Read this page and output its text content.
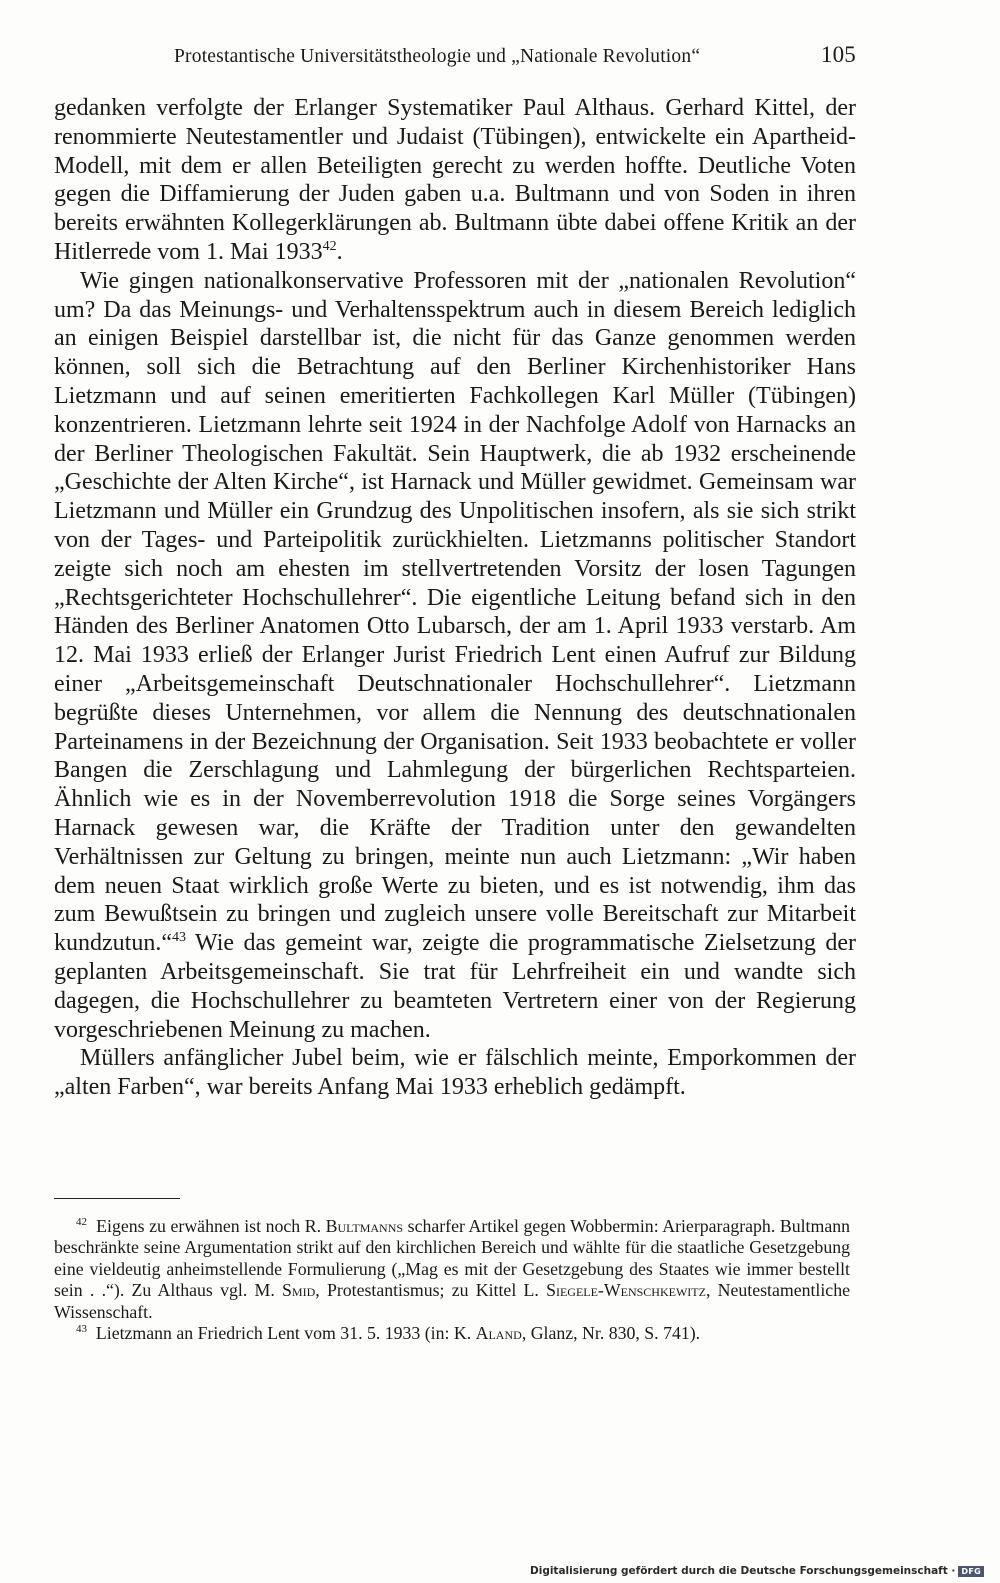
Protestantische Universitätstheologie und „Nationale Revolution“	105

gedanken verfolgte der Erlanger Systematiker Paul Althaus. Gerhard Kittel, der renommierte Neutestamentler und Judaist (Tübingen), entwickelte ein Apartheid-Modell, mit dem er allen Beteiligten gerecht zu werden hoffte. Deutliche Voten gegen die Diffamierung der Juden gaben u.a. Bultmann und von Soden in ihren bereits erwähnten Kollegerklärungen ab. Bultmann übte dabei offene Kritik an der Hitlerrede vom 1. Mai 1933$^{42}$.

Wie gingen nationalkonservative Professoren mit der „nationalen Revolution“ um? Da das Meinungs- und Verhaltensspektrum auch in diesem Bereich lediglich an einigen Beispiel darstellbar ist, die nicht für das Ganze genommen werden können, soll sich die Betrachtung auf den Berliner Kirchenhistoriker Hans Lietzmann und auf seinen emeritierten Fachkollegen Karl Müller (Tübingen) konzentrieren. Lietzmann lehrte seit 1924 in der Nachfolge Adolf von Harnacks an der Berliner Theologischen Fakultät. Sein Hauptwerk, die ab 1932 erscheinende „Geschichte der Alten Kirche“, ist Harnack und Müller gewidmet. Gemeinsam war Lietzmann und Müller ein Grundzug des Unpolitischen insofern, als sie sich strikt von der Tages- und Parteipolitik zurückhielten. Lietzmanns politischer Standort zeigte sich noch am ehesten im stellvertretenden Vorsitz der losen Tagungen „Rechtsgerichteter Hochschullehrer“. Die eigentliche Leitung befand sich in den Händen des Berliner Anatomen Otto Lubarsch, der am 1. April 1933 verstarb. Am 12. Mai 1933 erließ der Erlanger Jurist Friedrich Lent einen Aufruf zur Bildung einer „Arbeitsgemeinschaft Deutschnationaler Hochschullehrer“. Lietzmann begrüßte dieses Unternehmen, vor allem die Nennung des deutschnationalen Parteinamens in der Bezeichnung der Organisation. Seit 1933 beobachtete er voller Bangen die Zerschlagung und Lahmlegung der bürgerlichen Rechtsparteien. Ähnlich wie es in der Novemberrevolution 1918 die Sorge seines Vorgängers Harnack gewesen war, die Kräfte der Tradition unter den gewandelten Verhältnissen zur Geltung zu bringen, meinte nun auch Lietzmann: „Wir haben dem neuen Staat wirklich große Werte zu bieten, und es ist notwendig, ihm das zum Bewußtsein zu bringen und zugleich unsere volle Bereitschaft zur Mitarbeit kundzutun.“$^{43}$ Wie das gemeint war, zeigte die programmatische Zielsetzung der geplanten Arbeitsgemeinschaft. Sie trat für Lehrfreiheit ein und wandte sich dagegen, die Hochschullehrer zu beamteten Vertretern einer von der Regierung vorgeschriebenen Meinung zu machen.

Müllers anfänglicher Jubel beim, wie er fälschlich meinte, Emporkommen der „alten Farben“, war bereits Anfang Mai 1933 erheblich gedämpft.

$^{42}$ Eigens zu erwähnen ist noch R. Bultmanns scharfer Artikel gegen Wobbermin: Arierparagraph. Bultmann beschränkte seine Argumentation strikt auf den kirchlichen Bereich und wählte für die staatliche Gesetzgebung eine vieldeutig anheimstellende Formulierung („Mag es mit der Gesetzgebung des Staates wie immer bestellt sein . .“). Zu Althaus vgl. M. Smid, Protestantismus; zu Kittel L. Siegele-Wenschkewitz, Neutestamentliche Wissenschaft.

$^{43}$ Lietzmann an Friedrich Lent vom 31. 5. 1933 (in: K. Aland, Glanz, Nr. 830, S. 741).

Digitalisierung gefördert durch die Deutsche Forschungsgemeinschaft · DFG
